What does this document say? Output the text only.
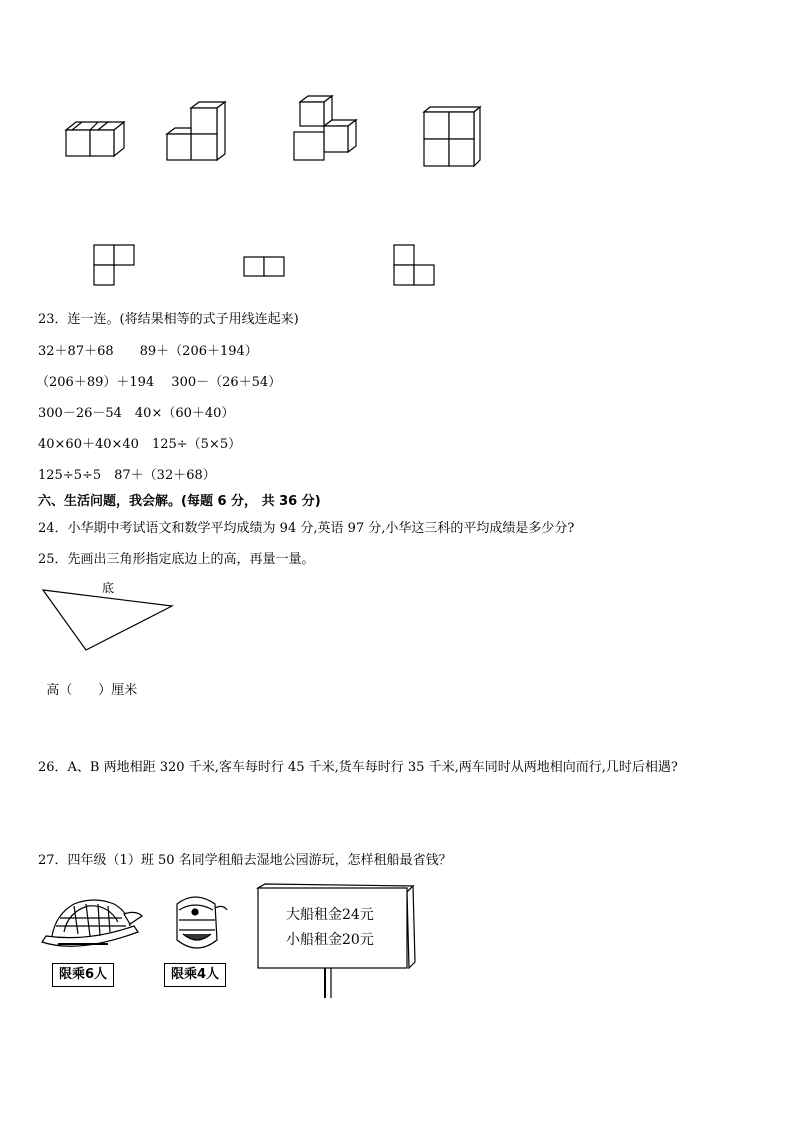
23．连一连。(将结果相等的式子用线连起来)
32＋87＋68　　89＋（206＋194）
（206＋89）＋194　 300－（26＋54）
300－26－54　40×（60＋40）
40×60＋40×40　125÷（5×5）
125÷5÷5　87＋（32＋68）
六、生活问题，我会解。(每题 6 分， 共 36 分)
24．小华期中考试语文和数学平均成绩为 94 分,英语 97 分,小华这三科的平均成绩是多少分?
25．先画出三角形指定底边上的高，再量一量。
底

高（ ）厘米

26．A、B 两地相距 320 千米,客车每时行 45 千米,货车每时行 35 千米,两车同时从两地相向而行,几时后相遇?
27．四年级（1）班 50 名同学租船去湿地公园游玩，怎样租船最省钱？
限乘6人	限乘4人
大船租金24元
小船租金20元
